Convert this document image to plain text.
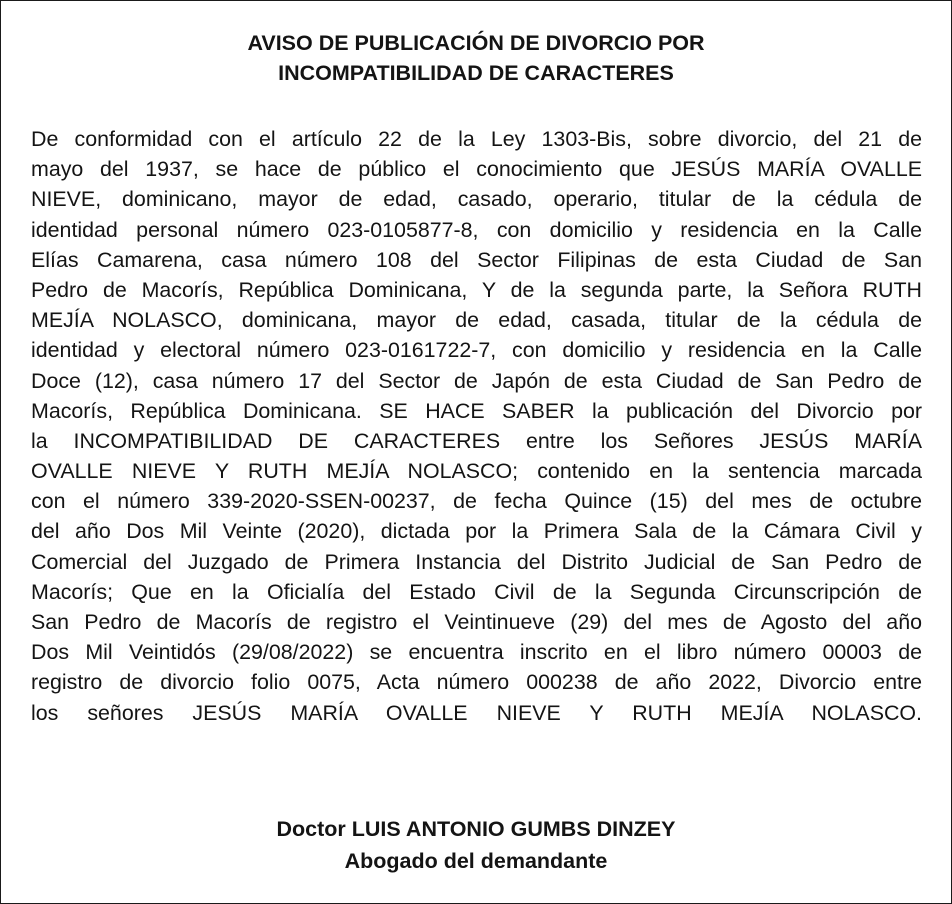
AVISO DE PUBLICACIÓN DE DIVORCIO POR
INCOMPATIBILIDAD DE CARACTERES
De conformidad con el artículo 22 de la Ley 1303-Bis, sobre divorcio, del 21 de
mayo del 1937, se hace de público el conocimiento que JESÚS MARÍA OVALLE
NIEVE, dominicano, mayor de edad, casado, operario, titular de la cédula de
identidad personal número 023-0105877-8, con domicilio y residencia en la Calle
Elías Camarena, casa número 108 del Sector Filipinas de esta Ciudad de San
Pedro de Macorís, República Dominicana, Y de la segunda parte, la Señora RUTH
MEJÍA NOLASCO, dominicana, mayor de edad, casada, titular de la cédula de
identidad y electoral número 023-0161722-7, con domicilio y residencia en la Calle
Doce (12), casa número 17 del Sector de Japón de esta Ciudad de San Pedro de
Macorís, República Dominicana. SE HACE SABER la publicación del Divorcio por
la INCOMPATIBILIDAD DE CARACTERES entre los Señores JESÚS MARÍA
OVALLE NIEVE Y RUTH MEJÍA NOLASCO; contenido en la sentencia marcada
con el número 339-2020-SSEN-00237, de fecha Quince (15) del mes de octubre
del año Dos Mil Veinte (2020), dictada por la Primera Sala de la Cámara Civil y
Comercial del Juzgado de Primera Instancia del Distrito Judicial de San Pedro de
Macorís; Que en la Oficialía del Estado Civil de la Segunda Circunscripción de
San Pedro de Macorís de registro el Veintinueve (29) del mes de Agosto del año
Dos Mil Veintidós (29/08/2022) se encuentra inscrito en el libro número 00003 de
registro de divorcio folio 0075, Acta número 000238 de año 2022, Divorcio entre
los señores JESÚS MARÍA OVALLE NIEVE Y RUTH MEJÍA NOLASCO.
Doctor LUIS ANTONIO GUMBS DINZEY
Abogado del demandante
